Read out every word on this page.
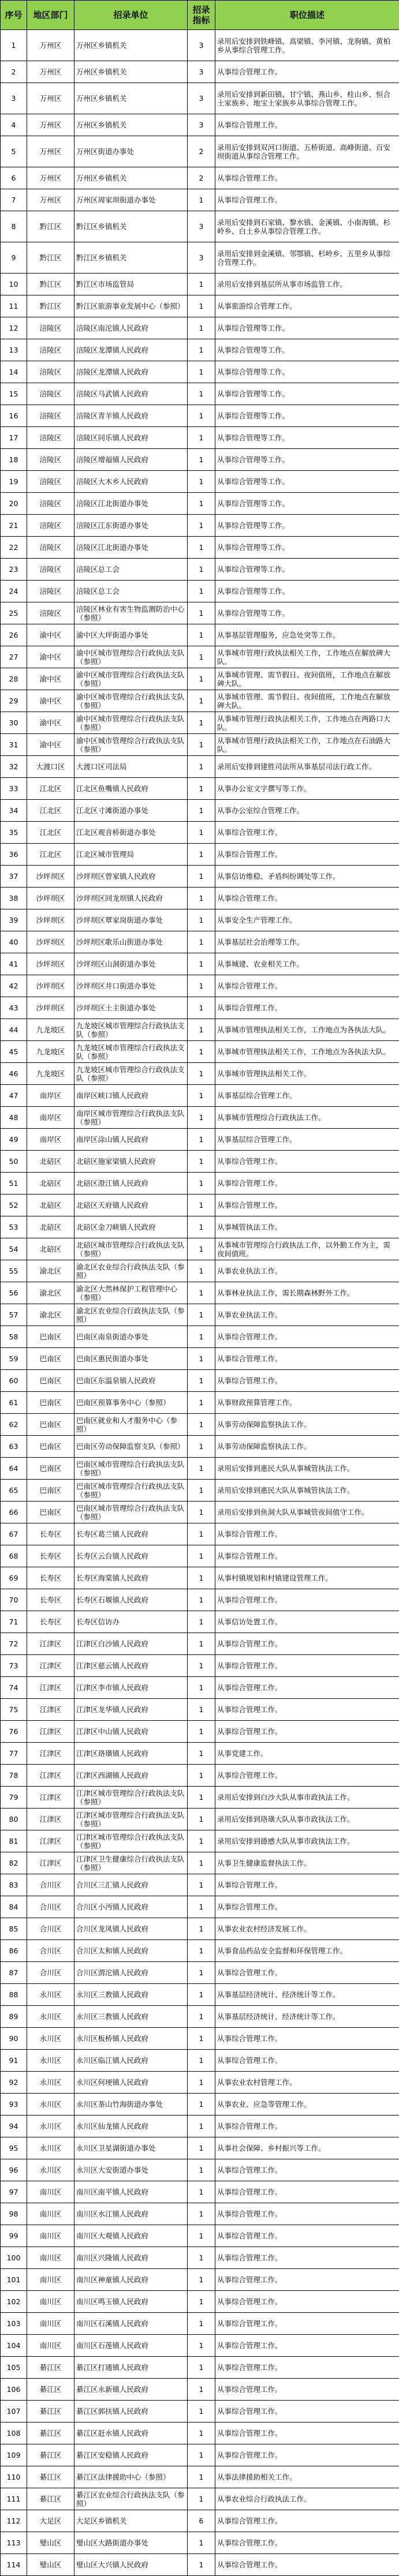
序号	地区部门	招录单位	招录指标	职位描述
1	万州区	万州区乡镇机关	3	录用后安排到铁峰镇、高梁镇、李河镇、龙驹镇、黄柏乡从事综合管理工作。
2	万州区	万州区乡镇机关	3	从事综合管理工作。
3	万州区	万州区乡镇机关	3	录用后安排到新田镇、甘宁镇、燕山乡、柱山乡、恒合土家族乡、地宝土家族乡从事综合管理工作。
4	万州区	万州区乡镇机关	3	从事综合管理工作。
5	万州区	万州区街道办事处	2	录用后安排到双河口街道、五桥街道、高峰街道、百安坝街道从事综合管理工作。
6	万州区	万州区乡镇机关	2	从事综合管理工作。
7	万州区	万州区周家坝街道办事处	1	从事综合管理工作。
8	黔江区	黔江区乡镇机关	3	录用后安排到石家镇、黎水镇、金溪镇、小南海镇、杉岭乡、白土乡从事综合管理工作。
9	黔江区	黔江区乡镇机关	3	录用后安排到金溪镇、邻鄂镇、杉岭乡、五里乡从事综合管理工作。
10	黔江区	黔江区市场监管局	1	录用后安排到基层所从事市场监管工作。
11	黔江区	黔江区旅游事业发展中心（参照）	1	从事旅游综合管理工作。
12	涪陵区	涪陵区南沱镇人民政府	1	从事综合管理等工作。
13	涪陵区	涪陵区龙潭镇人民政府	1	从事综合管理等工作。
14	涪陵区	涪陵区龙潭镇人民政府	1	从事综合管理等工作。
15	涪陵区	涪陵区马武镇人民政府	1	从事综合管理等工作。
16	涪陵区	涪陵区青羊镇人民政府	1	从事综合管理等工作。
17	涪陵区	涪陵区同乐镇人民政府	1	从事综合管理等工作。
18	涪陵区	涪陵区增福镇人民政府	1	从事综合管理等工作。
19	涪陵区	涪陵区大木乡人民政府	1	从事综合管理等工作。
20	涪陵区	涪陵区江北街道办事处	1	从事综合管理等工作。
21	涪陵区	涪陵区江东街道办事处	1	从事综合管理等工作。
22	涪陵区	涪陵区江北街道办事处	1	从事综合管理等工作。
23	涪陵区	涪陵区总工会	1	从事综合管理等工作。
24	涪陵区	涪陵区总工会	1	从事综合管理等工作。
25	涪陵区	涪陵区林业有害生物监测防治中心（参照）	1	从事综合管理等工作。
26	渝中区	渝中区大坪街道办事处	1	从事基层管理服务，应急处突等工作。
27	渝中区	渝中区城市管理综合行政执法支队（参照）	1	从事城市管理行政执法相关工作，工作地点在解放碑大队。
28	渝中区	渝中区城市管理综合行政执法支队（参照）	1	从事城市管理、需节假日、夜间值班，工作地点在解放碑大队。
29	渝中区	渝中区城市管理综合行政执法支队（参照）	1	从事城市管理、需节假日、夜间值班，工作地点在解放碑大队。
30	渝中区	渝中区城市管理综合行政执法支队（参照）	1	从事城市管理行政执法相关工作，工作地点在两路口大队。
31	渝中区	渝中区城市管理综合行政执法支队（参照）	1	从事城市管理行政执法相关工作，工作地点在石油路大队。
32	大渡口区	大渡口区司法局	1	录用后安排到建胜司法所从事基层司法行政工作。
33	江北区	江北区鱼嘴镇人民政府	1	从事办公室文字撰写等工作。
34	江北区	江北区寸滩街道办事处	1	从事办公室综合管理工作。
35	江北区	江北区观音桥街道办事处	1	从事综合管理工作。
36	江北区	江北区城市管理局	1	从事综合管理工作。
37	沙坪坝区	沙坪坝区曾家镇人民政府	1	从事信访维稳、矛盾纠纷调处等工作。
38	沙坪坝区	沙坪坝区回龙坝镇人民政府	1	从事综合管理工作。
39	沙坪坝区	沙坪坝区覃家岗街道办事处	1	从事安全生产管理工作。
40	沙坪坝区	沙坪坝区歌乐山街道办事处	1	从事基层社会治理等工作。
41	沙坪坝区	沙坪坝区山洞街道办事处	1	从事城建、农业相关工作。
42	沙坪坝区	沙坪坝区井口街道办事处	1	从事综合管理工作。
43	沙坪坝区	沙坪坝区土主街道办事处	1	从事综合管理工作。
44	九龙坡区	九龙坡区城市管理综合行政执法支队（参照）	1	从事城市管理执法相关工作，工作地点为各执法大队。
45	九龙坡区	九龙坡区城市管理综合行政执法支队（参照）	1	从事城市管理执法相关工作，工作地点为各执法大队。
46	九龙坡区	九龙坡区城市管理综合行政执法支队（参照）	1	从事城市管理执法相关工作。
47	南岸区	南岸区峡口镇人民政府	1	从事基层综合管理工作。
48	南岸区	南岸区城市管理综合行政执法支队（参照）	1	从事城市管理综合行政执法工作。
49	南岸区	南岸区涂山镇人民政府	1	从事基层综合管理工作。
50	北碚区	北碚区施家梁镇人民政府	1	从事综合管理工作。
51	北碚区	北碚区澄江镇人民政府	1	从事综合管理工作。
52	北碚区	北碚区天府镇人民政府	1	从事综合管理工作。
53	北碚区	北碚区金刀峡镇人民政府	1	从事城管执法工作。
54	北碚区	北碚区城市管理综合行政执法支队（参照）	1	从事城市管理综合行政执法工作，以外勤工作为主，需夜间值班。
55	渝北区	渝北区农业综合行政执法支队（参照）	1	从事农业执法工作。
56	渝北区	渝北区大然林保护工程管理中心（参照）	1	从事林业执法工作，需长期森林野外工作。
57	渝北区	渝北区农业综合行政执法支队（参照）	1	从事农业执法工作。
58	巴南区	巴南区南泉街道办事处	1	从事综合管理工作。
59	巴南区	巴南区惠民街道办事处	1	从事综合管理工作。
60	巴南区	巴南区东温泉镇人民政府	1	从事综合管理工作。
61	巴南区	巴南区预算事务中心（参照）	1	从事财政预算管理工作。
62	巴南区	巴南区就业和人才服务中心（参照）	1	从事劳动保障监察执法工作。
63	巴南区	巴南区劳动保障监察支队（参照）	1	从事劳动保障监察执法工作。
64	巴南区	巴南区城市管理综合行政执法支队（参照）	1	录用后安排到惠民大队从事城管执法工作。
65	巴南区	巴南区城市管理综合行政执法支队（参照）	1	录用后安排到惠民大队从事城管执法工作。
66	巴南区	巴南区城市管理综合行政执法支队（参照）	1	录用后安排到鱼洞大队从事城管夜间值守工作。
67	长寿区	长寿区葛兰镇人民政府	1	从事综合管理工作。
68	长寿区	长寿区云台镇人民政府	1	从事综合管理工作。
69	长寿区	长寿区海棠镇人民政府	1	从事村镇规划和村镇建设管理工作。
70	长寿区	长寿区石堰镇人民政府	1	从事综合管理工作。
71	长寿区	长寿区信访办	1	从事信访处置工作。
72	江津区	江津区白沙镇人民政府	1	从事综合管理工作。
73	江津区	江津区慈云镇人民政府	1	从事综合管理工作。
74	江津区	江津区李市镇人民政府	1	从事综合管理工作。
75	江津区	江津区龙华镇人民政府	1	从事综合管理工作。
76	江津区	江津区中山镇人民政府	1	从事综合管理工作。
77	江津区	江津区珞璜镇人民政府	1	从事党建工作。
78	江津区	江津区西湖镇人民政府	1	从事综合管理工作。
79	江津区	江津区城市管理综合行政执法支队（参照）	1	录用后安排到白沙大队从事市政执法工作。
80	江津区	江津区城市管理综合行政执法支队（参照）	1	录用后安排到珞璜大队从事市政执法工作。
81	江津区	江津区城市管理综合行政执法支队（参照）	1	录用后安排到德感大队从事市政执法工作。
82	江津区	江津区卫生健康综合行政执法支队（参照）	1	从事卫生健康监督执法工作。
83	合川区	合川区三汇镇人民政府	1	从事综合管理工作。
84	合川区	合川区小沔镇人民政府	1	从事综合管理工作。
85	合川区	合川区龙凤镇人民政府	1	从事农业农村经济发展工作。
86	合川区	合川区太和镇人民政府	1	从事食品药品安全监督和环保管理工作。
87	合川区	合川区渭沱镇人民政府	1	从事综合管理工作。
88	永川区	永川区三教镇人民政府	1	从事基层经济统计、经济统计等工作。
89	永川区	永川区三教镇人民政府	1	从事基层经济统计、经济统计等工作。
90	永川区	永川区板桥镇人民政府	1	从事综合管理工作。
91	永川区	永川区临江镇人民政府	1	从事综合管理工作。
92	永川区	永川区何埂镇人民政府	1	从事农业农村管理工作。
93	永川区	永川区茶山竹海街道办事处	1	从事农业、应急等管理工作。
94	永川区	永川区仙龙镇人民政府	1	从事综合管理工作。
95	永川区	永川区卫星湖街道办事处	1	从事社会保障、乡村振兴等工作。
96	永川区	永川区大安街道办事处	1	从事综合管理工作。
97	南川区	南川区南平镇人民政府	1	从事综合管理工作。
98	南川区	南川区水江镇人民政府	1	从事综合管理工作。
99	南川区	南川区大观镇人民政府	1	从事综合管理工作。
100	南川区	南川区兴隆镇人民政府	1	从事综合管理工作。
101	南川区	南川区神童镇人民政府	1	从事综合管理工作。
102	南川区	南川区鸣玉镇人民政府	1	从事综合管理工作。
103	南川区	南川区石溪镇人民政府	1	从事综合管理工作。
104	南川区	南川区石莲镇人民政府	1	从事综合管理工作。
105	綦江区	綦江区打通镇人民政府	1	从事综合管理工作。
106	綦江区	綦江区永新镇人民政府	1	从事综合管理工作。
107	綦江区	綦江区郭扶镇人民政府	1	从事综合管理工作。
108	綦江区	綦江区赶水镇人民政府	1	从事综合管理工作。
109	綦江区	綦江区安稳镇人民政府	1	从事综合管理工作。
110	綦江区	綦江区法律援助中心（参照）	1	从事法律援助相关工作。
111	綦江区	綦江区农业综合行政执法支队（参照）	1	从事农业综合行政执法工作。
112	大足区	大足区乡镇机关	6	从事综合管理工作。
113	璧山区	璧山区大路街道办事处	1	从事综合管理工作。
114	璧山区	璧山区大兴镇人民政府	1	从事综合管理工作。
